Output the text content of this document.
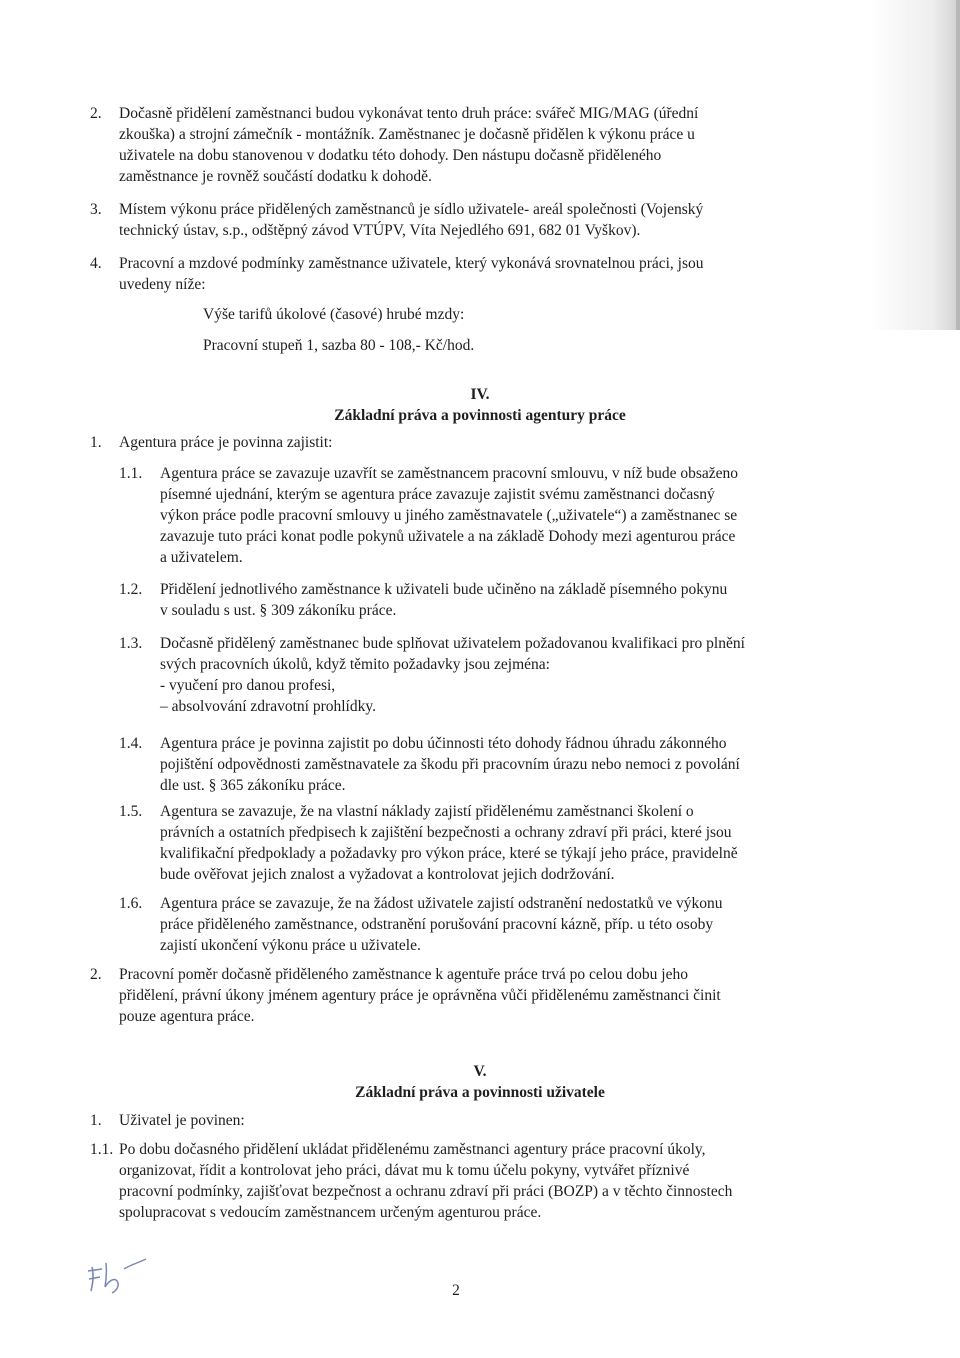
2. Dočasně přidělení zaměstnanci budou vykonávat tento druh práce: svářeč MIG/MAG (úřední
zkouška) a strojní zámečník - montážník. Zaměstnanec je dočasně přidělen k výkonu práce u
uživatele na dobu stanovenou v dodatku této dohody. Den nástupu dočasně přiděleného
zaměstnance je rovněž součástí dodatku k dohodě.
3. Místem výkonu práce přidělených zaměstnanců je sídlo uživatele- areál společnosti (Vojenský
technický ústav, s.p., odštěpný závod VTÚPV, Víta Nejedlého 691, 682 01 Vyškov).
4. Pracovní a mzdové podmínky zaměstnance uživatele, který vykonává srovnatelnou práci, jsou
uvedeny níže:
Výše tarifů úkolové (časové) hrubé mzdy:
Pracovní stupeň 1, sazba 80 - 108,- Kč/hod.
IV.
Základní práva a povinnosti agentury práce
1. Agentura práce je povinna zajistit:
1.1. Agentura práce se zavazuje uzavřít se zaměstnancem pracovní smlouvu, v níž bude obsaženo
písemné ujednání, kterým se agentura práce zavazuje zajistit svému zaměstnanci dočasný
výkon práce podle pracovní smlouvy u jiného zaměstnavatele („uživatele“) a zaměstnanec se
zavazuje tuto práci konat podle pokynů uživatele a na základě Dohody mezi agenturou práce
a uživatelem.
1.2. Přidělení jednotlivého zaměstnance k uživateli bude učiněno na základě písemného pokynu
v souladu s ust. § 309 zákoníku práce.
1.3. Dočasně přidělený zaměstnanec bude splňovat uživatelem požadovanou kvalifikaci pro plnění
svých pracovních úkolů, když těmito požadavky jsou zejména:
- vyučení pro danou profesi,
– absolvování zdravotní prohlídky.
1.4. Agentura práce je povinna zajistit po dobu účinnosti této dohody řádnou úhradu zákonného
pojištění odpovědnosti zaměstnavatele za škodu při pracovním úrazu nebo nemoci z povolání
dle ust. § 365 zákoníku práce.
1.5. Agentura se zavazuje, že na vlastní náklady zajistí přidělenému zaměstnanci školení o
právních a ostatních předpisech k zajištění bezpečnosti a ochrany zdraví při práci, které jsou
kvalifikační předpoklady a požadavky pro výkon práce, které se týkají jeho práce, pravidelně
bude ověřovat jejich znalost a vyžadovat a kontrolovat jejich dodržování.
1.6. Agentura práce se zavazuje, že na žádost uživatele zajistí odstranění nedostatků ve výkonu
práce přiděleného zaměstnance, odstranění porušování pracovní kázně, příp. u této osoby
zajistí ukončení výkonu práce u uživatele.
2. Pracovní poměr dočasně přiděleného zaměstnance k agentuře práce trvá po celou dobu jeho
přidělení, právní úkony jménem agentury práce je oprávněna vůči přidělenému zaměstnanci činit
pouze agentura práce.
V.
Základní práva a povinnosti uživatele
1. Uživatel je povinen:
1.1. Po dobu dočasného přidělení ukládat přidělenému zaměstnanci agentury práce pracovní úkoly,
organizovat, řídit a kontrolovat jeho práci, dávat mu k tomu účelu pokyny, vytvářet příznivé
pracovní podmínky, zajišťovat bezpečnost a ochranu zdraví při práci (BOZP) a v těchto činnostech
spolupracovat s vedoucím zaměstnancem určeným agenturou práce.
2
